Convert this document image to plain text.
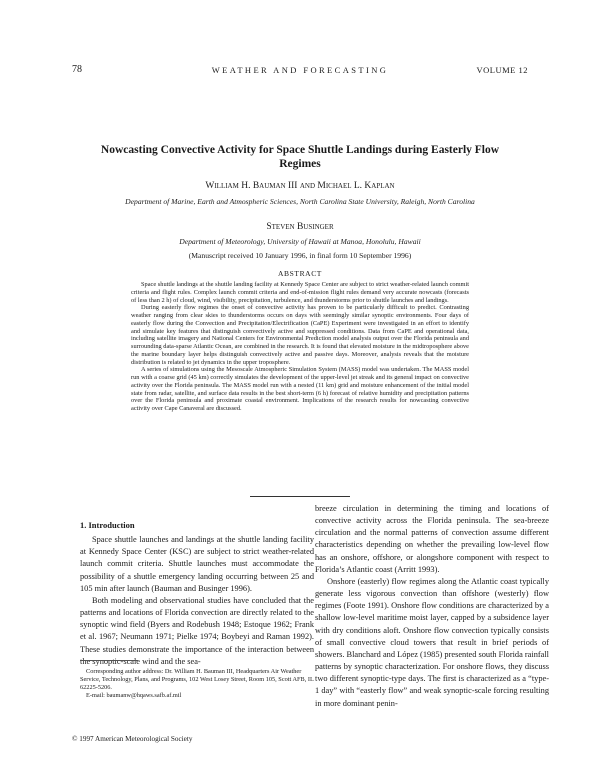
78	WEATHER AND FORECASTING	VOLUME 12
Nowcasting Convective Activity for Space Shuttle Landings during Easterly Flow Regimes
William H. Bauman III and Michael L. Kaplan
Department of Marine, Earth and Atmospheric Sciences, North Carolina State University, Raleigh, North Carolina
Steven Businger
Department of Meteorology, University of Hawaii at Manoa, Honolulu, Hawaii
(Manuscript received 10 January 1996, in final form 10 September 1996)
ABSTRACT

Space shuttle landings at the shuttle landing facility at Kennedy Space Center are subject to strict weather-related launch commit criteria and flight rules. Complex launch commit criteria and end-of-mission flight rules demand very accurate nowcasts (forecasts of less than 2 h) of cloud, wind, visibility, precipitation, turbulence, and thunderstorms prior to shuttle launches and landings.

During easterly flow regimes the onset of convective activity has proven to be particularly difficult to predict. Contrasting weather ranging from clear skies to thunderstorms occurs on days with seemingly similar synoptic environments. Four days of easterly flow during the Convection and Precipitation/Electrification (CaPE) Experiment were investigated in an effort to identify and simulate key features that distinguish convectively active and suppressed conditions. Data from CaPE and operational data, including satellite imagery and National Centers for Environmental Prediction model analysis output over the Florida peninsula and surrounding data-sparse Atlantic Ocean, are combined in the research. It is found that elevated moisture in the midtroposphere above the marine boundary layer helps distinguish convectively active and passive days. Moreover, analysis reveals that the moisture distribution is related to jet dynamics in the upper troposphere.

A series of simulations using the Mesoscale Atmospheric Simulation System (MASS) model was undertaken. The MASS model run with a coarse grid (45 km) correctly simulates the development of the upper-level jet streak and its general impact on convective activity over the Florida peninsula. The MASS model run with a nested (11 km) grid and moisture enhancement of the initial model state from radar, satellite, and surface data results in the best short-term (6 h) forecast of relative humidity and precipitation patterns over the Florida peninsula and proximate coastal environment. Implications of the research results for nowcasting convective activity over Cape Canaveral are discussed.

1. Introduction

Space shuttle launches and landings at the shuttle landing facility at Kennedy Space Center (KSC) are subject to strict weather-related launch commit criteria. Shuttle launches must accommodate the possibility of a shuttle emergency landing occurring between 25 and 105 min after launch (Bauman and Businger 1996).

Both modeling and observational studies have concluded that the patterns and locations of Florida convection are directly related to the synoptic wind field (Byers and Rodebush 1948; Estoque 1962; Frank et al. 1967; Neumann 1971; Pielke 1974; Boybeyi and Raman 1992). These studies demonstrate the importance of the interaction between the synoptic-scale wind and the sea-

breeze circulation in determining the timing and locations of convective activity across the Florida peninsula. The sea-breeze circulation and the normal patterns of convection assume different characteristics depending on whether the prevailing low-level flow has an onshore, offshore, or alongshore component with respect to Florida’s Atlantic coast (Arritt 1993).

Onshore (easterly) flow regimes along the Atlantic coast typically generate less vigorous convection than offshore (westerly) flow regimes (Foote 1991). Onshore flow conditions are characterized by a shallow low-level maritime moist layer, capped by a subsidence layer with dry conditions aloft. Onshore flow convection typically consists of small convective cloud towers that result in brief periods of showers. Blanchard and López (1985) presented south Florida rainfall patterns by synoptic characterization. For onshore flows, they discuss two different synoptic-type days. The first is characterized as a “type-1 day” with “easterly flow” and weak synoptic-scale forcing resulting in more dominant penin-

Corresponding author address: Dr. William H. Bauman III, Headquarters Air Weather Service, Technology, Plans, and Programs, 102 West Losey Street, Room 105, Scott AFB, IL 62225-5206.

E-mail: baumanw@hqaws.safb.af.mil

© 1997 American Meteorological Society
